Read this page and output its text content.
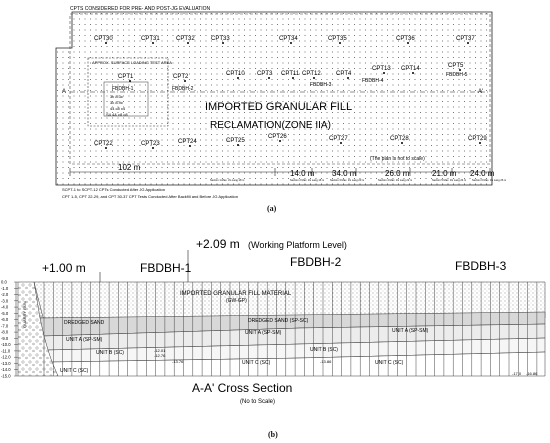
CPT30	CPT31	CPT32	CPT33	CPT34	CPT35	CPT36	CPT37
CPT10 CPT3 CPT11 CPT12	CPT4
CPT13 CPT14	CPT5
CPT1	CPT2
CPT22	CPT23	CPT24	CPT25
CPT26	CPT27	CPT28	CPT29
FBDBH-1	FBDBH-2
FBDBH-3
FBDBH-4
FBDBH-5
3c 8.3c
3c 8.9c
44 c8 x4
S4 4& c8 c8
CPTS CONSIDERED FOR PRE- AND POST-JG EVALUATION
APPROX. SURFACE LOADING TEST AREA
A	A'
IMPORTED GRANULAR FILL
RECLAMATION(ZONE IIA)
(The plan is not to scale)
SCPT-1 to SCPT-12 CPTs Conducted After JG Application
CPT 1-5, CPT 22-29, and CPT 30-37 CPT Tests Conducted After Backfill and Before JG Application
102 m
14.0 m 34.0 m	26.0 m	21.0 m 24.0 m
Section 1-Max. JG Lang 18 m	Section 2 Max. JG Lang 16 m Section 3 Max. JG Lang 20 m	Section 4 Max. JG Lang 22 m	Section 5 Max. JG Lang 24 m Section 6 Max. JG Lang 26 m
(a)
0.0
-1.0
-2.0
-3.0
-4.0
-5.0
-6.0
-7.0
-8.0
-9.0
-10.0
-11.0
-12.0
-13.0
-14.0
-15.0
+2.09 m (Working Platform Level)
+1.00 m	FBDBH-1	FBDBH-2	FBDBH-3
IMPORTED GRANULAR FILL MATERIAL
(GW-GP)
QUARRY RUN	DREDGED SAND	DREDGED SAND (SP-SC)
UNIT A (SP-SM)
UNIT A (SP-SM)	UNIT A (SP-SM)
UNIT B (SC)	UNIT B (SC)
UNIT C (SC)
UNIT C (SC)	UNIT C (SC)
-12.01
-12.76
-13.76	-13.86
-17.0 -16.86
A-A' Cross Section
(No to Scale)
(b)
